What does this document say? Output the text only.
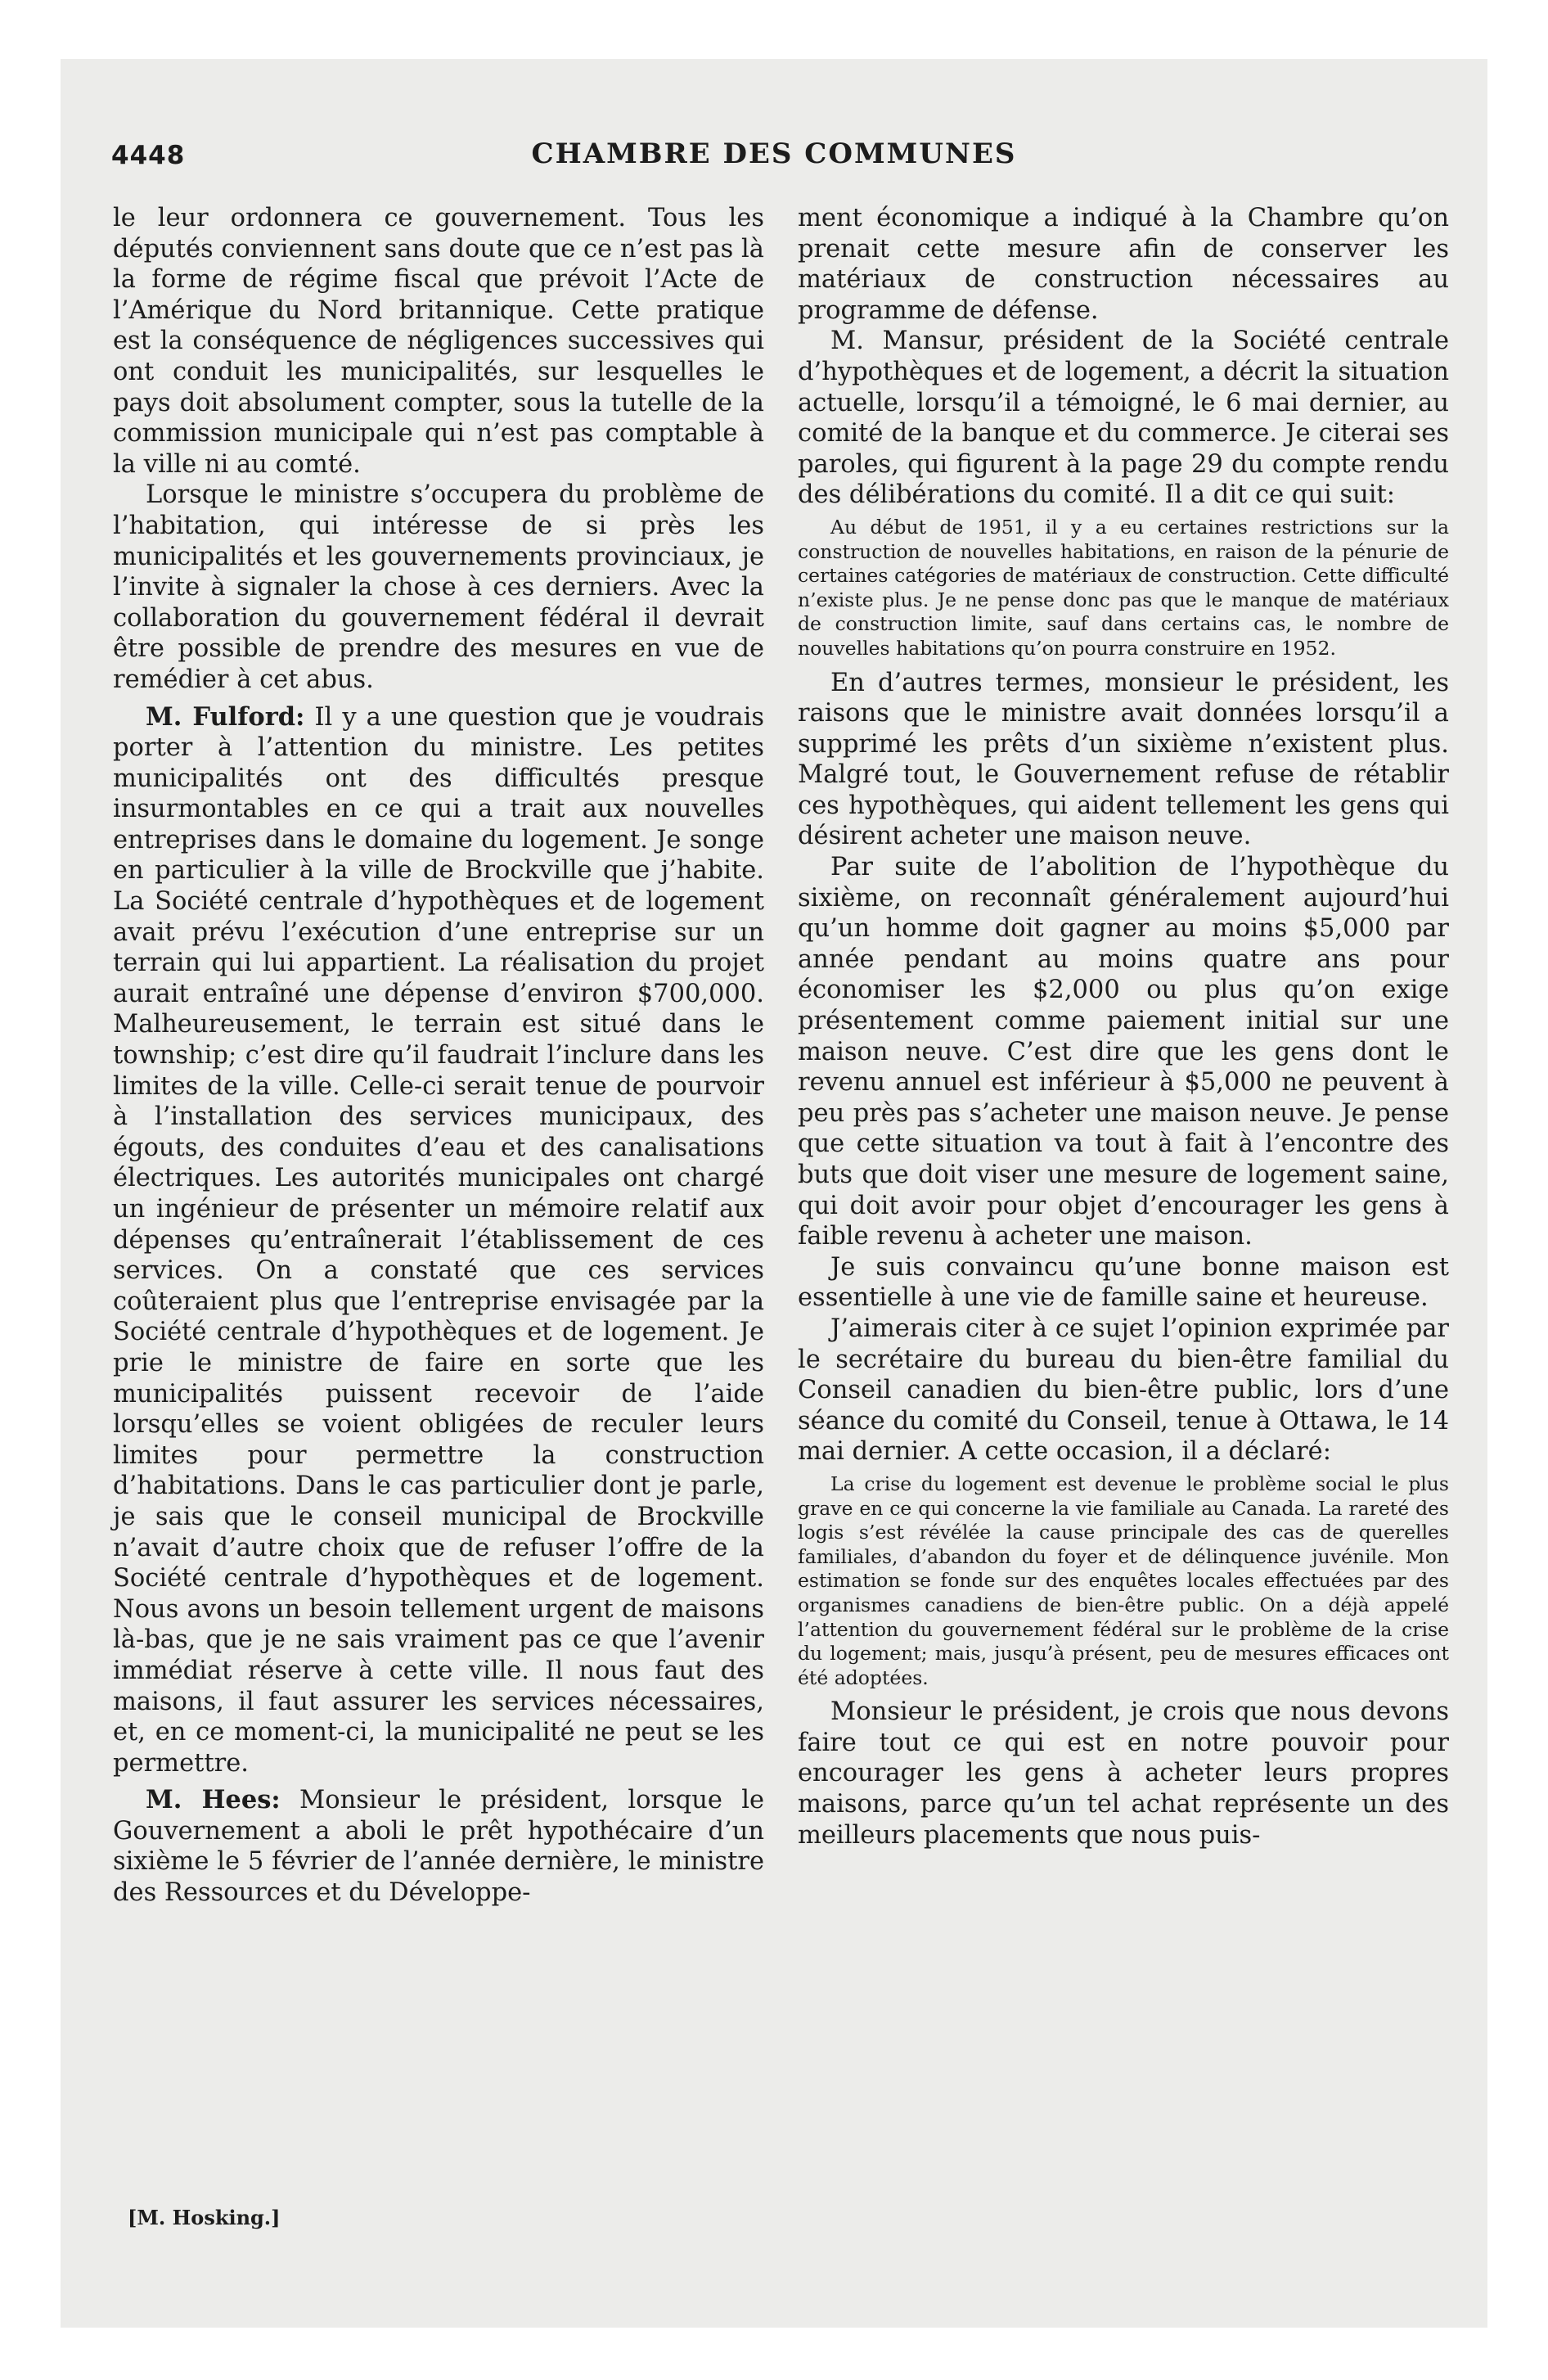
4448	CHAMBRE DES COMMUNES

le leur ordonnera ce gouvernement. Tous les députés conviennent sans doute que ce n’est pas là la forme de régime fiscal que prévoit l’Acte de l’Amérique du Nord britannique. Cette pratique est la conséquence de négligences successives qui ont conduit les municipalités, sur lesquelles le pays doit absolument compter, sous la tutelle de la commission municipale qui n’est pas comptable à la ville ni au comté.

Lorsque le ministre s’occupera du problème de l’habitation, qui intéresse de si près les municipalités et les gouvernements provinciaux, je l’invite à signaler la chose à ces derniers. Avec la collaboration du gouvernement fédéral il devrait être possible de prendre des mesures en vue de remédier à cet abus.

M. Fulford: Il y a une question que je voudrais porter à l’attention du ministre. Les petites municipalités ont des difficultés presque insurmontables en ce qui a trait aux nouvelles entreprises dans le domaine du logement. Je songe en particulier à la ville de Brockville que j’habite. La Société centrale d’hypothèques et de logement avait prévu l’exécution d’une entreprise sur un terrain qui lui appartient. La réalisation du projet aurait entraîné une dépense d’environ $700,000. Malheureusement, le terrain est situé dans le township; c’est dire qu’il faudrait l’inclure dans les limites de la ville. Celle-ci serait tenue de pourvoir à l’installation des services municipaux, des égouts, des conduites d’eau et des canalisations électriques. Les autorités municipales ont chargé un ingénieur de présenter un mémoire relatif aux dépenses qu’entraînerait l’établissement de ces services. On a constaté que ces services coûteraient plus que l’entreprise envisagée par la Société centrale d’hypothèques et de logement. Je prie le ministre de faire en sorte que les municipalités puissent recevoir de l’aide lorsqu’elles se voient obligées de reculer leurs limites pour permettre la construction d’habitations. Dans le cas particulier dont je parle, je sais que le conseil municipal de Brockville n’avait d’autre choix que de refuser l’offre de la Société centrale d’hypothèques et de logement. Nous avons un besoin tellement urgent de maisons là-bas, que je ne sais vraiment pas ce que l’avenir immédiat réserve à cette ville. Il nous faut des maisons, il faut assurer les services nécessaires, et, en ce moment-ci, la municipalité ne peut se les permettre.

M. Hees: Monsieur le président, lorsque le Gouvernement a aboli le prêt hypothécaire d’un sixième le 5 février de l’année dernière, le ministre des Ressources et du Développe-

ment économique a indiqué à la Chambre qu’on prenait cette mesure afin de conserver les matériaux de construction nécessaires au programme de défense.

M. Mansur, président de la Société centrale d’hypothèques et de logement, a décrit la situation actuelle, lorsqu’il a témoigné, le 6 mai dernier, au comité de la banque et du commerce. Je citerai ses paroles, qui figurent à la page 29 du compte rendu des délibérations du comité. Il a dit ce qui suit:

Au début de 1951, il y a eu certaines restrictions sur la construction de nouvelles habitations, en raison de la pénurie de certaines catégories de matériaux de construction. Cette difficulté n’existe plus. Je ne pense donc pas que le manque de matériaux de construction limite, sauf dans certains cas, le nombre de nouvelles habitations qu’on pourra construire en 1952.

En d’autres termes, monsieur le président, les raisons que le ministre avait données lorsqu’il a supprimé les prêts d’un sixième n’existent plus. Malgré tout, le Gouvernement refuse de rétablir ces hypothèques, qui aident tellement les gens qui désirent acheter une maison neuve.

Par suite de l’abolition de l’hypothèque du sixième, on reconnaît généralement aujourd’hui qu’un homme doit gagner au moins $5,000 par année pendant au moins quatre ans pour économiser les $2,000 ou plus qu’on exige présentement comme paiement initial sur une maison neuve. C’est dire que les gens dont le revenu annuel est inférieur à $5,000 ne peuvent à peu près pas s’acheter une maison neuve. Je pense que cette situation va tout à fait à l’encontre des buts que doit viser une mesure de logement saine, qui doit avoir pour objet d’encourager les gens à faible revenu à acheter une maison.

Je suis convaincu qu’une bonne maison est essentielle à une vie de famille saine et heureuse.

J’aimerais citer à ce sujet l’opinion exprimée par le secrétaire du bureau du bien-être familial du Conseil canadien du bien-être public, lors d’une séance du comité du Conseil, tenue à Ottawa, le 14 mai dernier. A cette occasion, il a déclaré:

La crise du logement est devenue le problème social le plus grave en ce qui concerne la vie familiale au Canada. La rareté des logis s’est révélée la cause principale des cas de querelles familiales, d’abandon du foyer et de délinquence juvénile. Mon estimation se fonde sur des enquêtes locales effectuées par des organismes canadiens de bien-être public. On a déjà appelé l’attention du gouvernement fédéral sur le problème de la crise du logement; mais, jusqu’à présent, peu de mesures efficaces ont été adoptées.

Monsieur le président, je crois que nous devons faire tout ce qui est en notre pouvoir pour encourager les gens à acheter leurs propres maisons, parce qu’un tel achat représente un des meilleurs placements que nous puis-

[M. Hosking.]
